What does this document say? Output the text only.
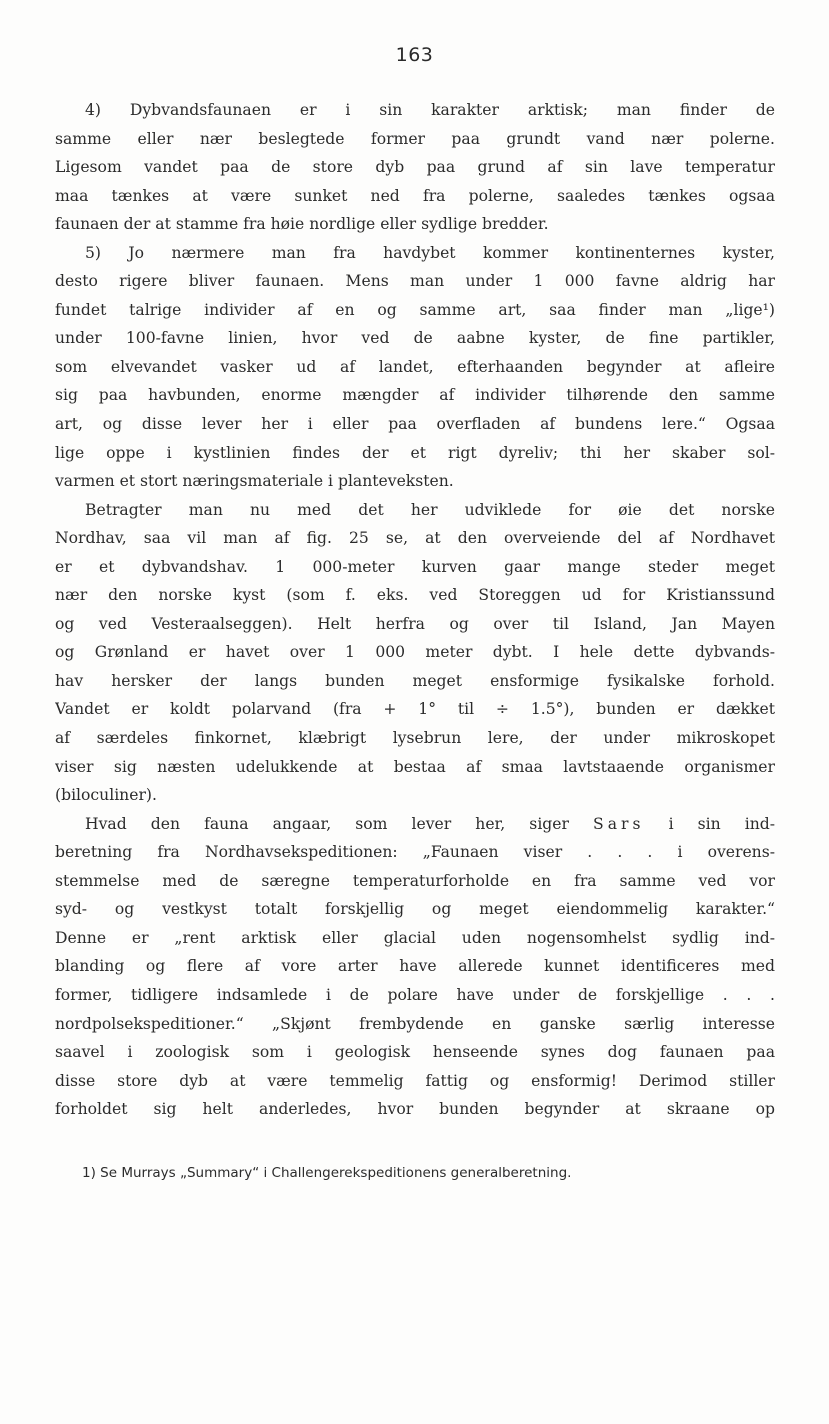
163
4) Dybvandsfaunaen er i sin karakter arktisk; man finder de
samme eller nær beslegtede former paa grundt vand nær polerne.
Ligesom vandet paa de store dyb paa grund af sin lave temperatur
maa tænkes at være sunket ned fra polerne, saaledes tænkes ogsaa
faunaen der at stamme fra høie nordlige eller sydlige bredder.
5) Jo nærmere man fra havdybet kommer kontinenternes kyster,
desto rigere bliver faunaen. Mens man under 1 000 favne aldrig har
fundet talrige individer af en og samme art, saa finder man „lige¹)
under 100-favne linien, hvor ved de aabne kyster, de fine partikler,
som elvevandet vasker ud af landet, efterhaanden begynder at afleire
sig paa havbunden, enorme mængder af individer tilhørende den samme
art, og disse lever her i eller paa overfladen af bundens lere.“ Ogsaa
lige oppe i kystlinien findes der et rigt dyreliv; thi her skaber sol-
varmen et stort næringsmateriale i planteveksten.
Betragter man nu med det her udviklede for øie det norske
Nordhav, saa vil man af fig. 25 se, at den overveiende del af Nordhavet
er et dybvandshav. 1 000-meter kurven gaar mange steder meget
nær den norske kyst (som f. eks. ved Storeggen ud for Kristianssund
og ved Vesteraalseggen). Helt herfra og over til Island, Jan Mayen
og Grønland er havet over 1 000 meter dybt. I hele dette dybvands-
hav hersker der langs bunden meget ensformige fysikalske forhold.
Vandet er koldt polarvand (fra + 1° til ÷ 1.5°), bunden er dækket
af særdeles finkornet, klæbrigt lysebrun lere, der under mikroskopet
viser sig næsten udelukkende at bestaa af smaa lavtstaaende organismer
(biloculiner).
Hvad den fauna angaar, som lever her, siger Sars i sin ind-
beretning fra Nordhavsekspeditionen: „Faunaen viser . . . i overens-
stemmelse med de særegne temperaturforholde en fra samme ved vor
syd- og vestkyst totalt forskjellig og meget eiendommelig karakter.“
Denne er „rent arktisk eller glacial uden nogensomhelst sydlig ind-
blanding og flere af vore arter have allerede kunnet identificeres med
former, tidligere indsamlede i de polare have under de forskjellige . . .
nordpolsekspeditioner.“ „Skjønt frembydende en ganske særlig interesse
saavel i zoologisk som i geologisk henseende synes dog faunaen paa
disse store dyb at være temmelig fattig og ensformig! Derimod stiller
forholdet sig helt anderledes, hvor bunden begynder at skraane op
1) Se Murrays „Summary“ i Challengerekspeditionens generalberetning.
